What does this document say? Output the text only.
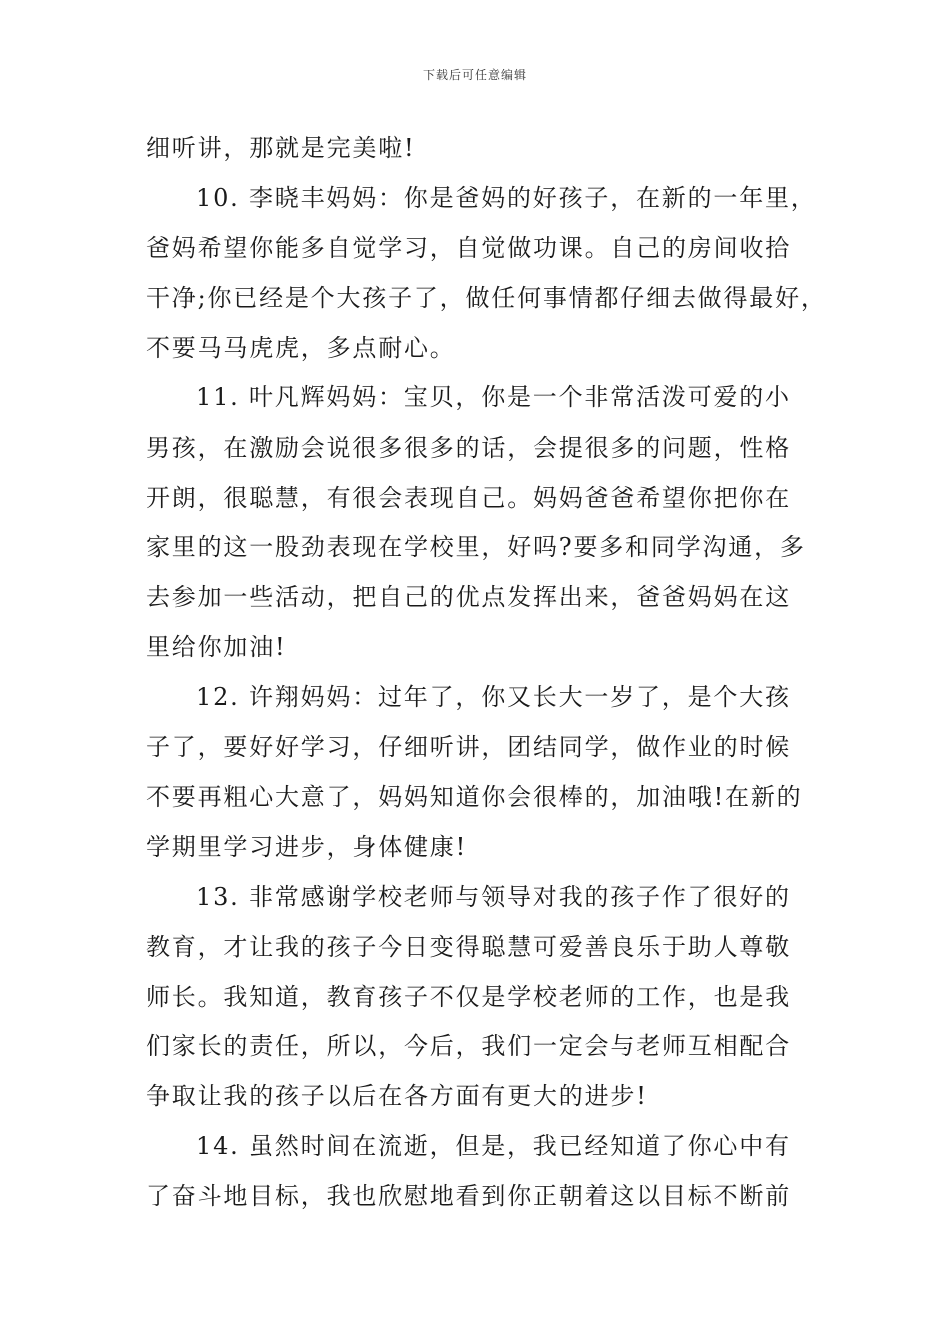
下载后可任意编辑
细听讲，那就是完美啦!
10. 李晓丰妈妈：你是爸妈的好孩子，在新的一年里，
爸妈希望你能多自觉学习，自觉做功课。自己的房间收拾
干净;你已经是个大孩子了，做任何事情都仔细去做得最好，
不要马马虎虎，多点耐心。
11. 叶凡辉妈妈：宝贝，你是一个非常活泼可爱的小
男孩，在激励会说很多很多的话，会提很多的问题，性格
开朗，很聪慧，有很会表现自己。妈妈爸爸希望你把你在
家里的这一股劲表现在学校里，好吗?要多和同学沟通，多
去参加一些活动，把自己的优点发挥出来，爸爸妈妈在这
里给你加油!
12. 许翔妈妈：过年了，你又长大一岁了，是个大孩
子了，要好好学习，仔细听讲，团结同学，做作业的时候
不要再粗心大意了，妈妈知道你会很棒的，加油哦!在新的
学期里学习进步，身体健康!
13. 非常感谢学校老师与领导对我的孩子作了很好的
教育，才让我的孩子今日变得聪慧可爱善良乐于助人尊敬
师长。我知道，教育孩子不仅是学校老师的工作，也是我
们家长的责任，所以，今后，我们一定会与老师互相配合
争取让我的孩子以后在各方面有更大的进步!
14. 虽然时间在流逝，但是，我已经知道了你心中有
了奋斗地目标，我也欣慰地看到你正朝着这以目标不断前
